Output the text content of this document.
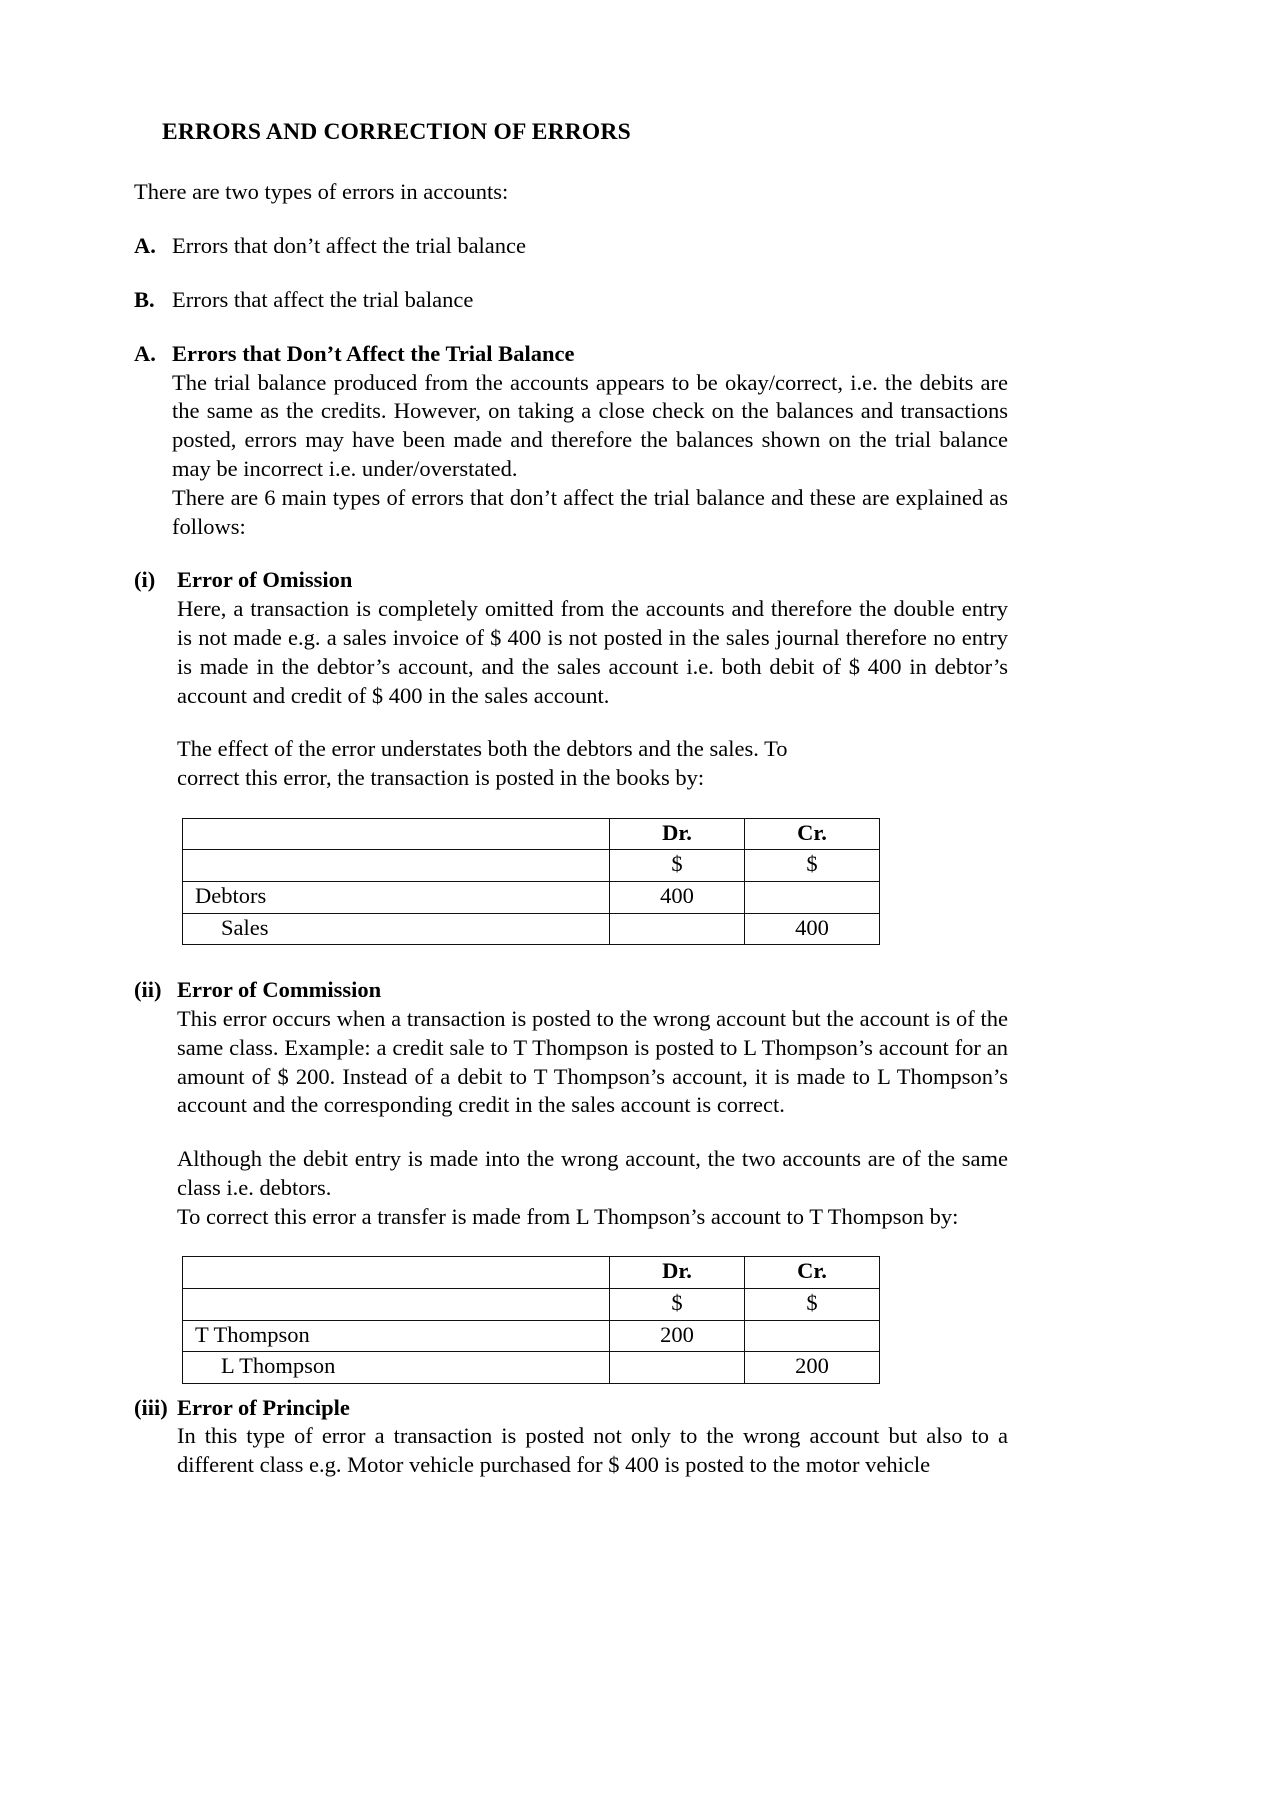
ERRORS AND CORRECTION OF ERRORS

There are two types of errors in accounts:

A. Errors that don’t affect the trial balance

B. Errors that affect the trial balance

A. Errors that Don’t Affect the Trial Balance

The trial balance produced from the accounts appears to be okay/correct, i.e. the debits are the same as the credits. However, on taking a close check on the balances and transactions posted, errors may have been made and therefore the balances shown on the trial balance may be incorrect i.e. under/overstated.

There are 6 main types of errors that don’t affect the trial balance and these are explained as follows:

(i) Error of Omission

Here, a transaction is completely omitted from the accounts and therefore the double entry is not made e.g. a sales invoice of $ 400 is not posted in the sales journal therefore no entry is made in the debtor’s account, and the sales account i.e. both debit of $ 400 in debtor’s account and credit of $ 400 in the sales account.

The effect of the error understates both the debtors and the sales. To

correct this error, the transaction is posted in the books by:

	Dr.	Cr.
	$	$
Debtors	400	
Sales		400
(ii) Error of Commission

This error occurs when a transaction is posted to the wrong account but the account is of the same class. Example: a credit sale to T Thompson is posted to L Thompson’s account for an amount of $ 200. Instead of a debit to T Thompson’s account, it is made to L Thompson’s account and the corresponding credit in the sales account is correct.

Although the debit entry is made into the wrong account, the two accounts are of the same class i.e. debtors.

To correct this error a transfer is made from L Thompson’s account to T Thompson by:

	Dr.	Cr.
	$	$
T Thompson	200	
L Thompson		200
(iii) Error of Principle

In this type of error a transaction is posted not only to the wrong account but also to a different class e.g. Motor vehicle purchased for $ 400 is posted to the motor vehicle
